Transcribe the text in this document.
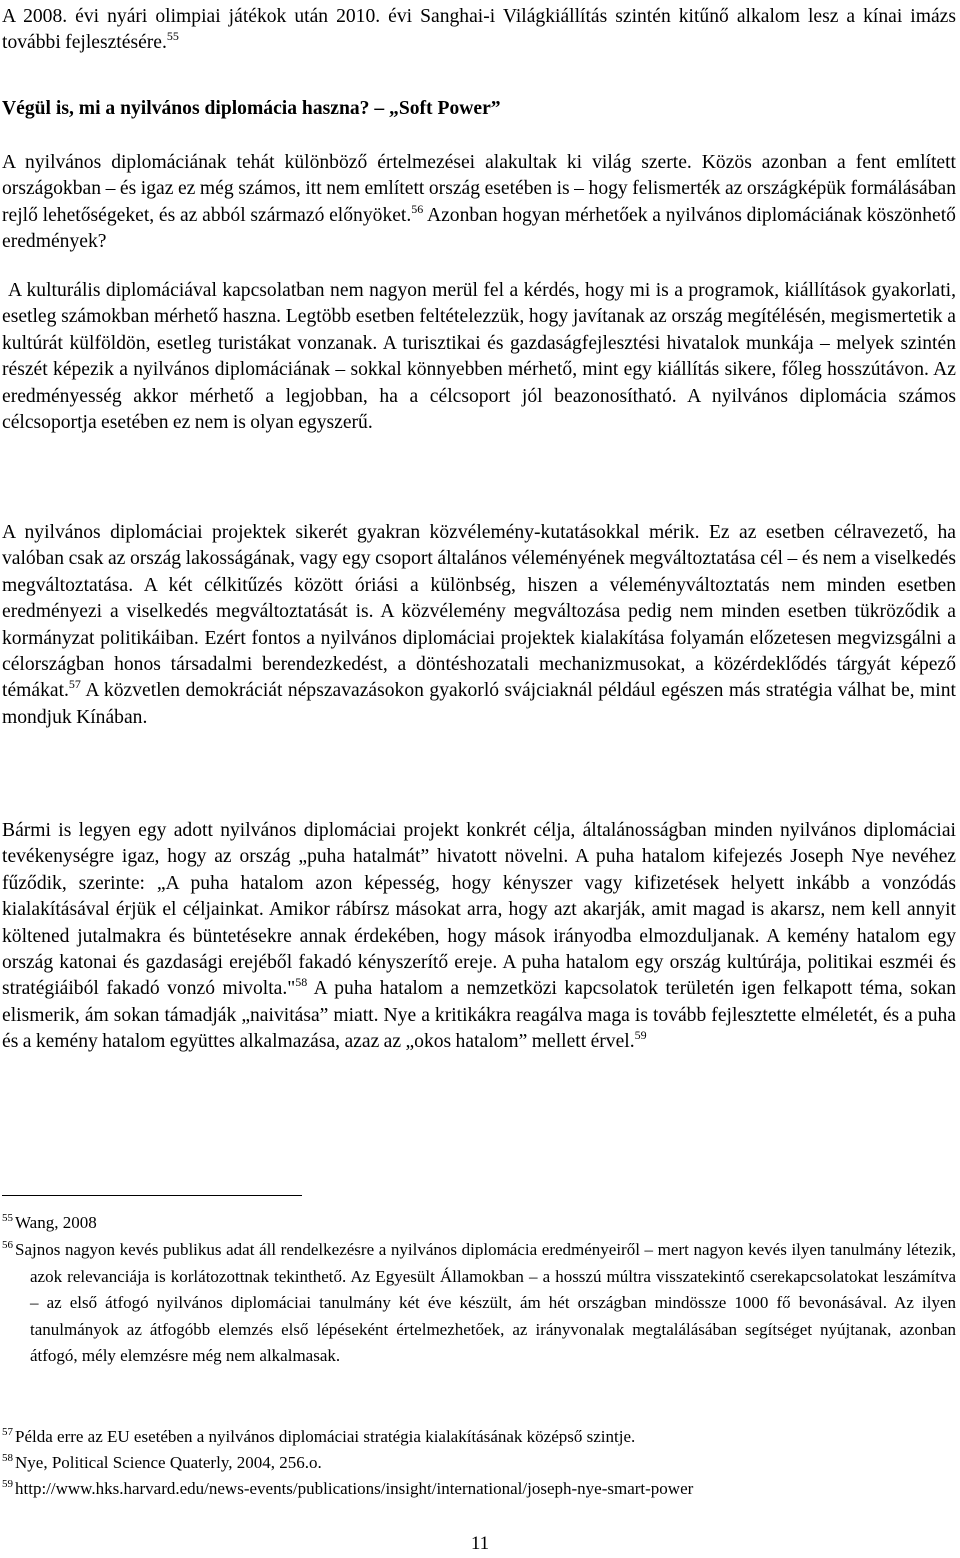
A 2008. évi nyári olimpiai játékok után 2010. évi Sanghai-i Világkiállítás szintén kitűnő alkalom lesz a kínai imázs további fejlesztésére.$^{55}$

Végül is, mi a nyilvános diplomácia haszna? – „Soft Power”

A nyilvános diplomáciának tehát különböző értelmezései alakultak ki világ szerte. Közös azonban a fent említett országokban – és igaz ez még számos, itt nem említett ország esetében is – hogy felismerték az országképük formálásában rejlő lehetőségeket, és az abból származó előnyöket.$^{56}$ Azonban hogyan mérhetőek a nyilvános diplomáciának köszönhető eredmények?

A kulturális diplomáciával kapcsolatban nem nagyon merül fel a kérdés, hogy mi is a programok, kiállítások gyakorlati, esetleg számokban mérhető haszna. Legtöbb esetben feltételezzük, hogy javítanak az ország megítélésén, megismertetik a kultúrát külföldön, esetleg turistákat vonzanak. A turisztikai és gazdaságfejlesztési hivatalok munkája – melyek szintén részét képezik a nyilvános diplomáciának – sokkal könnyebben mérhető, mint egy kiállítás sikere, főleg hosszútávon. Az eredményesség akkor mérhető a legjobban, ha a célcsoport jól beazonosítható. A nyilvános diplomácia számos célcsoportja esetében ez nem is olyan egyszerű.

A nyilvános diplomáciai projektek sikerét gyakran közvélemény-kutatásokkal mérik. Ez az esetben célravezető, ha valóban csak az ország lakosságának, vagy egy csoport általános véleményének megváltoztatása cél – és nem a viselkedés megváltoztatása. A két célkitűzés között óriási a különbség, hiszen a véleményváltoztatás nem minden esetben eredményezi a viselkedés megváltoztatását is. A közvélemény megváltozása pedig nem minden esetben tükröződik a kormányzat politikáiban. Ezért fontos a nyilvános diplomáciai projektek kialakítása folyamán előzetesen megvizsgálni a célországban honos társadalmi berendezkedést, a döntéshozatali mechanizmusokat, a közérdeklődés tárgyát képező témákat.$^{57}$ A közvetlen demokráciát népszavazásokon gyakorló svájciaknál például egészen más stratégia válhat be, mint mondjuk Kínában.

Bármi is legyen egy adott nyilvános diplomáciai projekt konkrét célja, általánosságban minden nyilvános diplomáciai tevékenységre igaz, hogy az ország „puha hatalmát” hivatott növelni. A puha hatalom kifejezés Joseph Nye nevéhez fűződik, szerinte: „A puha hatalom azon képesség, hogy kényszer vagy kifizetések helyett inkább a vonzódás kialakításával érjük el céljainkat. Amikor rábírsz másokat arra, hogy azt akarják, amit magad is akarsz, nem kell annyit költened jutalmakra és büntetésekre annak érdekében, hogy mások irányodba elmozduljanak. A kemény hatalom egy ország katonai és gazdasági erejéből fakadó kényszerítő ereje. A puha hatalom egy ország kultúrája, politikai eszméi és stratégiáiból fakadó vonzó mivolta."$^{58}$ A puha hatalom a nemzetközi kapcsolatok területén igen felkapott téma, sokan elismerik, ám sokan támadják „naivitása” miatt. Nye a kritikákra reagálva maga is tovább fejlesztette elméletét, és a puha és a kemény hatalom együttes alkalmazása, azaz az „okos hatalom” mellett érvel.$^{59}$

$^{55}$ Wang, 2008

$^{56}$ Sajnos nagyon kevés publikus adat áll rendelkezésre a nyilvános diplomácia eredményeiről – mert nagyon kevés ilyen tanulmány létezik, azok relevanciája is korlátozottnak tekinthető. Az Egyesült Államokban – a hosszú múltra visszatekintő cserekapcsolatokat leszámítva – az első átfogó nyilvános diplomáciai tanulmány két éve készült, ám hét országban mindössze 1000 fő bevonásával. Az ilyen tanulmányok az átfogóbb elemzés első lépéseként értelmezhetőek, az irányvonalak megtalálásában segítséget nyújtanak, azonban átfogó, mély elemzésre még nem alkalmasak.

$^{57}$ Példa erre az EU esetében a nyilvános diplomáciai stratégia kialakításának középső szintje.

$^{58}$ Nye, Political Science Quaterly, 2004, 256.o.

$^{59}$ http://www.hks.harvard.edu/news-events/publications/insight/international/joseph-nye-smart-power

11
